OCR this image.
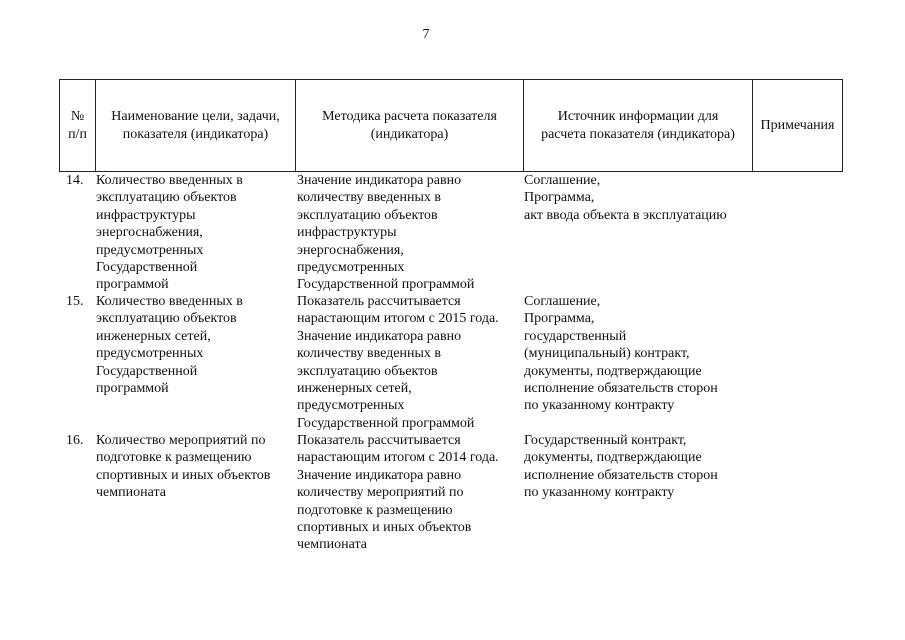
7
№
п/п
Наименование цели, задачи, показателя (индикатора)
Методика расчета показателя (индикатора)
Источник информации для расчета показателя (индикатора)
Примечания
14. Количество введенных в
эксплуатацию объектов
инфраструктуры
энергоснабжения,
предусмотренных
Государственной
программой
Значение индикатора равно
количеству введенных в
эксплуатацию объектов
инфраструктуры
энергоснабжения,
предусмотренных
Государственной программой
Соглашение,
Программа,
акт ввода объекта в эксплуатацию
15. Количество введенных в
эксплуатацию объектов
инженерных сетей,
предусмотренных
Государственной
программой
Показатель рассчитывается
нарастающим итогом с 2015 года.
Значение индикатора равно
количеству введенных в
эксплуатацию объектов
инженерных сетей,
предусмотренных
Государственной программой
Соглашение,
Программа,
государственный
(муниципальный) контракт,
документы, подтверждающие
исполнение обязательств сторон
по указанному контракту
16. Количество мероприятий по
подготовке к размещению
спортивных и иных объектов
чемпионата
Показатель рассчитывается
нарастающим итогом с 2014 года.
Значение индикатора равно
количеству мероприятий по
подготовке к размещению
спортивных и иных объектов
чемпионата
Государственный контракт,
документы, подтверждающие
исполнение обязательств сторон
по указанному контракту
